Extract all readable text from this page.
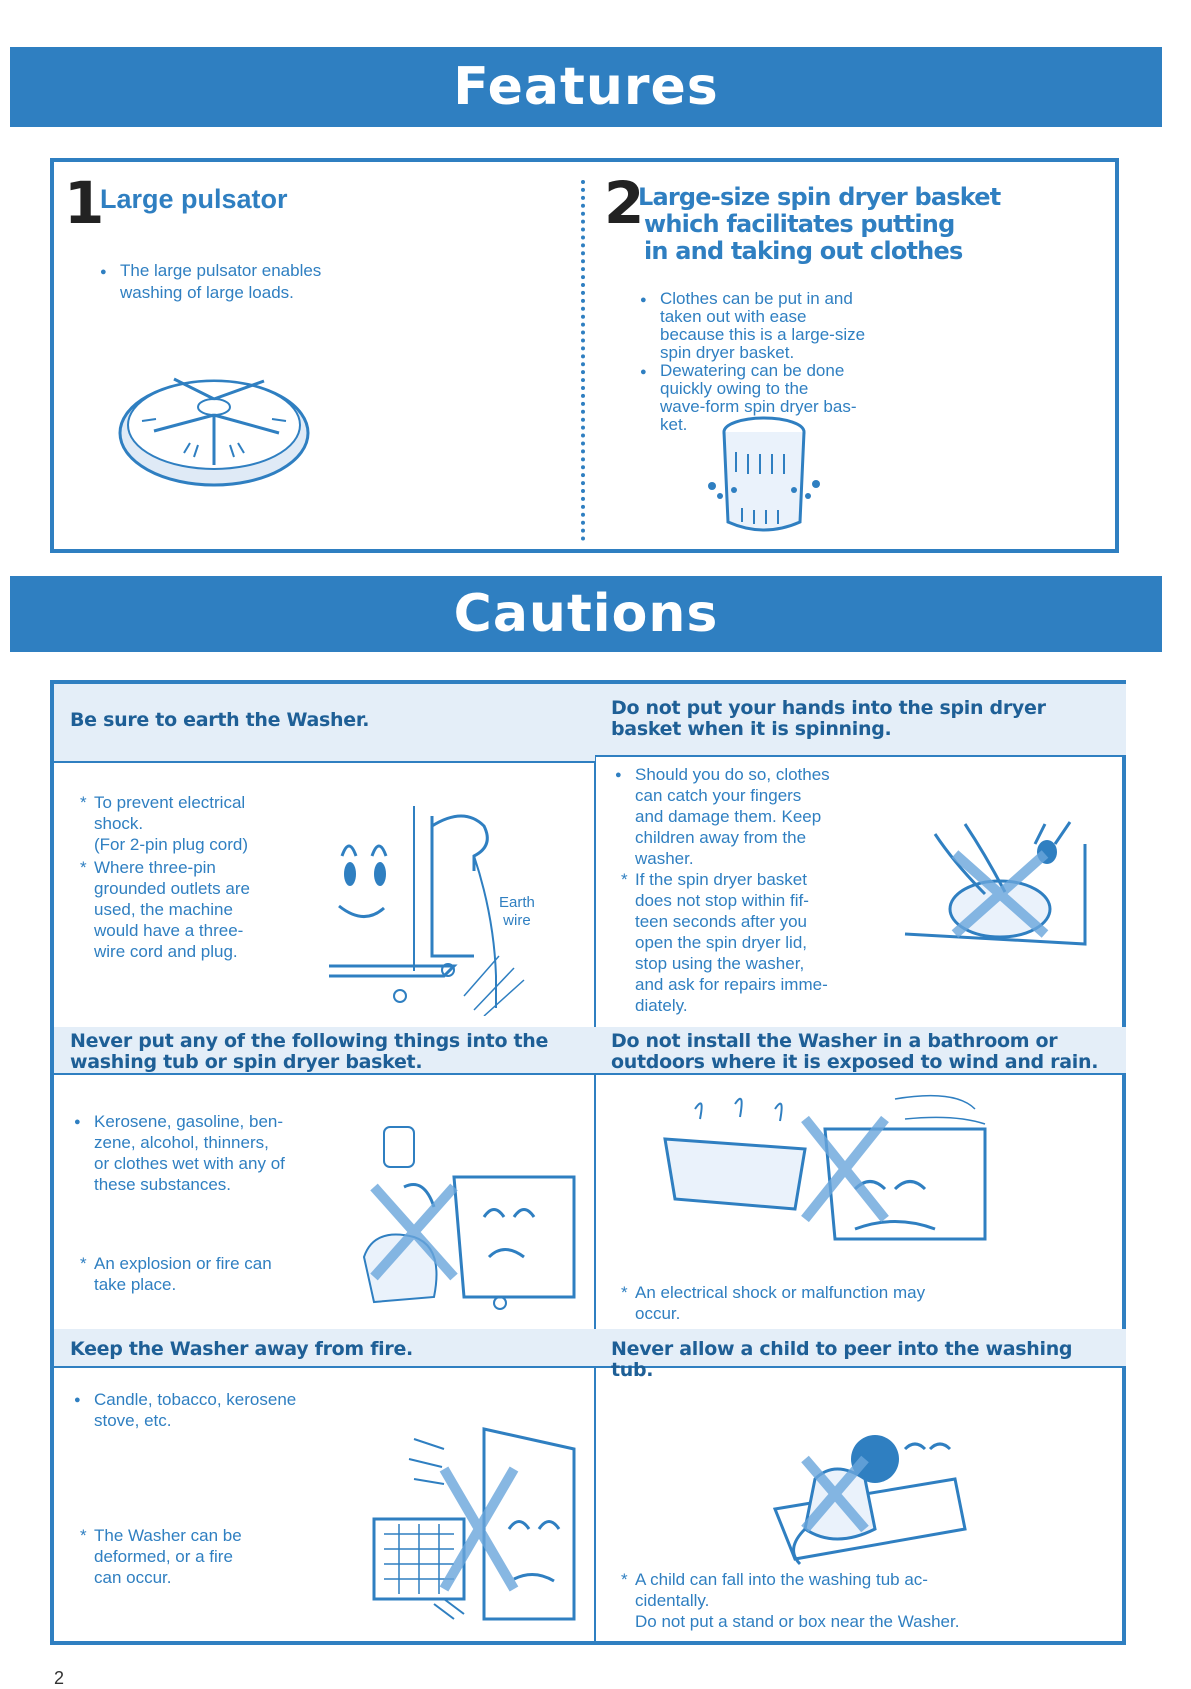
Features
1
Large pulsator
● The large pulsator enables
washing of large loads.
2
Large-size spin dryer basket
which facilitates putting
in and taking out clothes
● Clothes can be put in and
taken out with ease
because this is a large-size
spin dryer basket.
● Dewatering can be done
quickly owing to the
wave-form spin dryer bas-
ket.
Cautions
Be sure to earth the Washer.
* To prevent electrical
shock.
(For 2-pin plug cord)
* Where three-pin
grounded outlets are
used, the machine
would have a three-
wire cord and plug.
Earth
wire
Do not put your hands into the spin dryer
basket when it is spinning.
● Should you do so, clothes
can catch your fingers
and damage them. Keep
children away from the
washer.
* If the spin dryer basket
does not stop within fif-
teen seconds after you
open the spin dryer lid,
stop using the washer,
and ask for repairs imme-
diately.
Never put any of the following things into the
washing tub or spin dryer basket.
● Kerosene, gasoline, ben-
zene, alcohol, thinners,
or clothes wet with any of
these substances.
* An explosion or fire can
take place.
Do not install the Washer in a bathroom or
outdoors where it is exposed to wind and rain.
* An electrical shock or malfunction may
occur.
Keep the Washer away from fire.
● Candle, tobacco, kerosene
stove, etc.
* The Washer can be
deformed, or a fire
can occur.
Never allow a child to peer into the washing tub.
* A child can fall into the washing tub ac-
cidentally.
Do not put a stand or box near the Washer.
2
